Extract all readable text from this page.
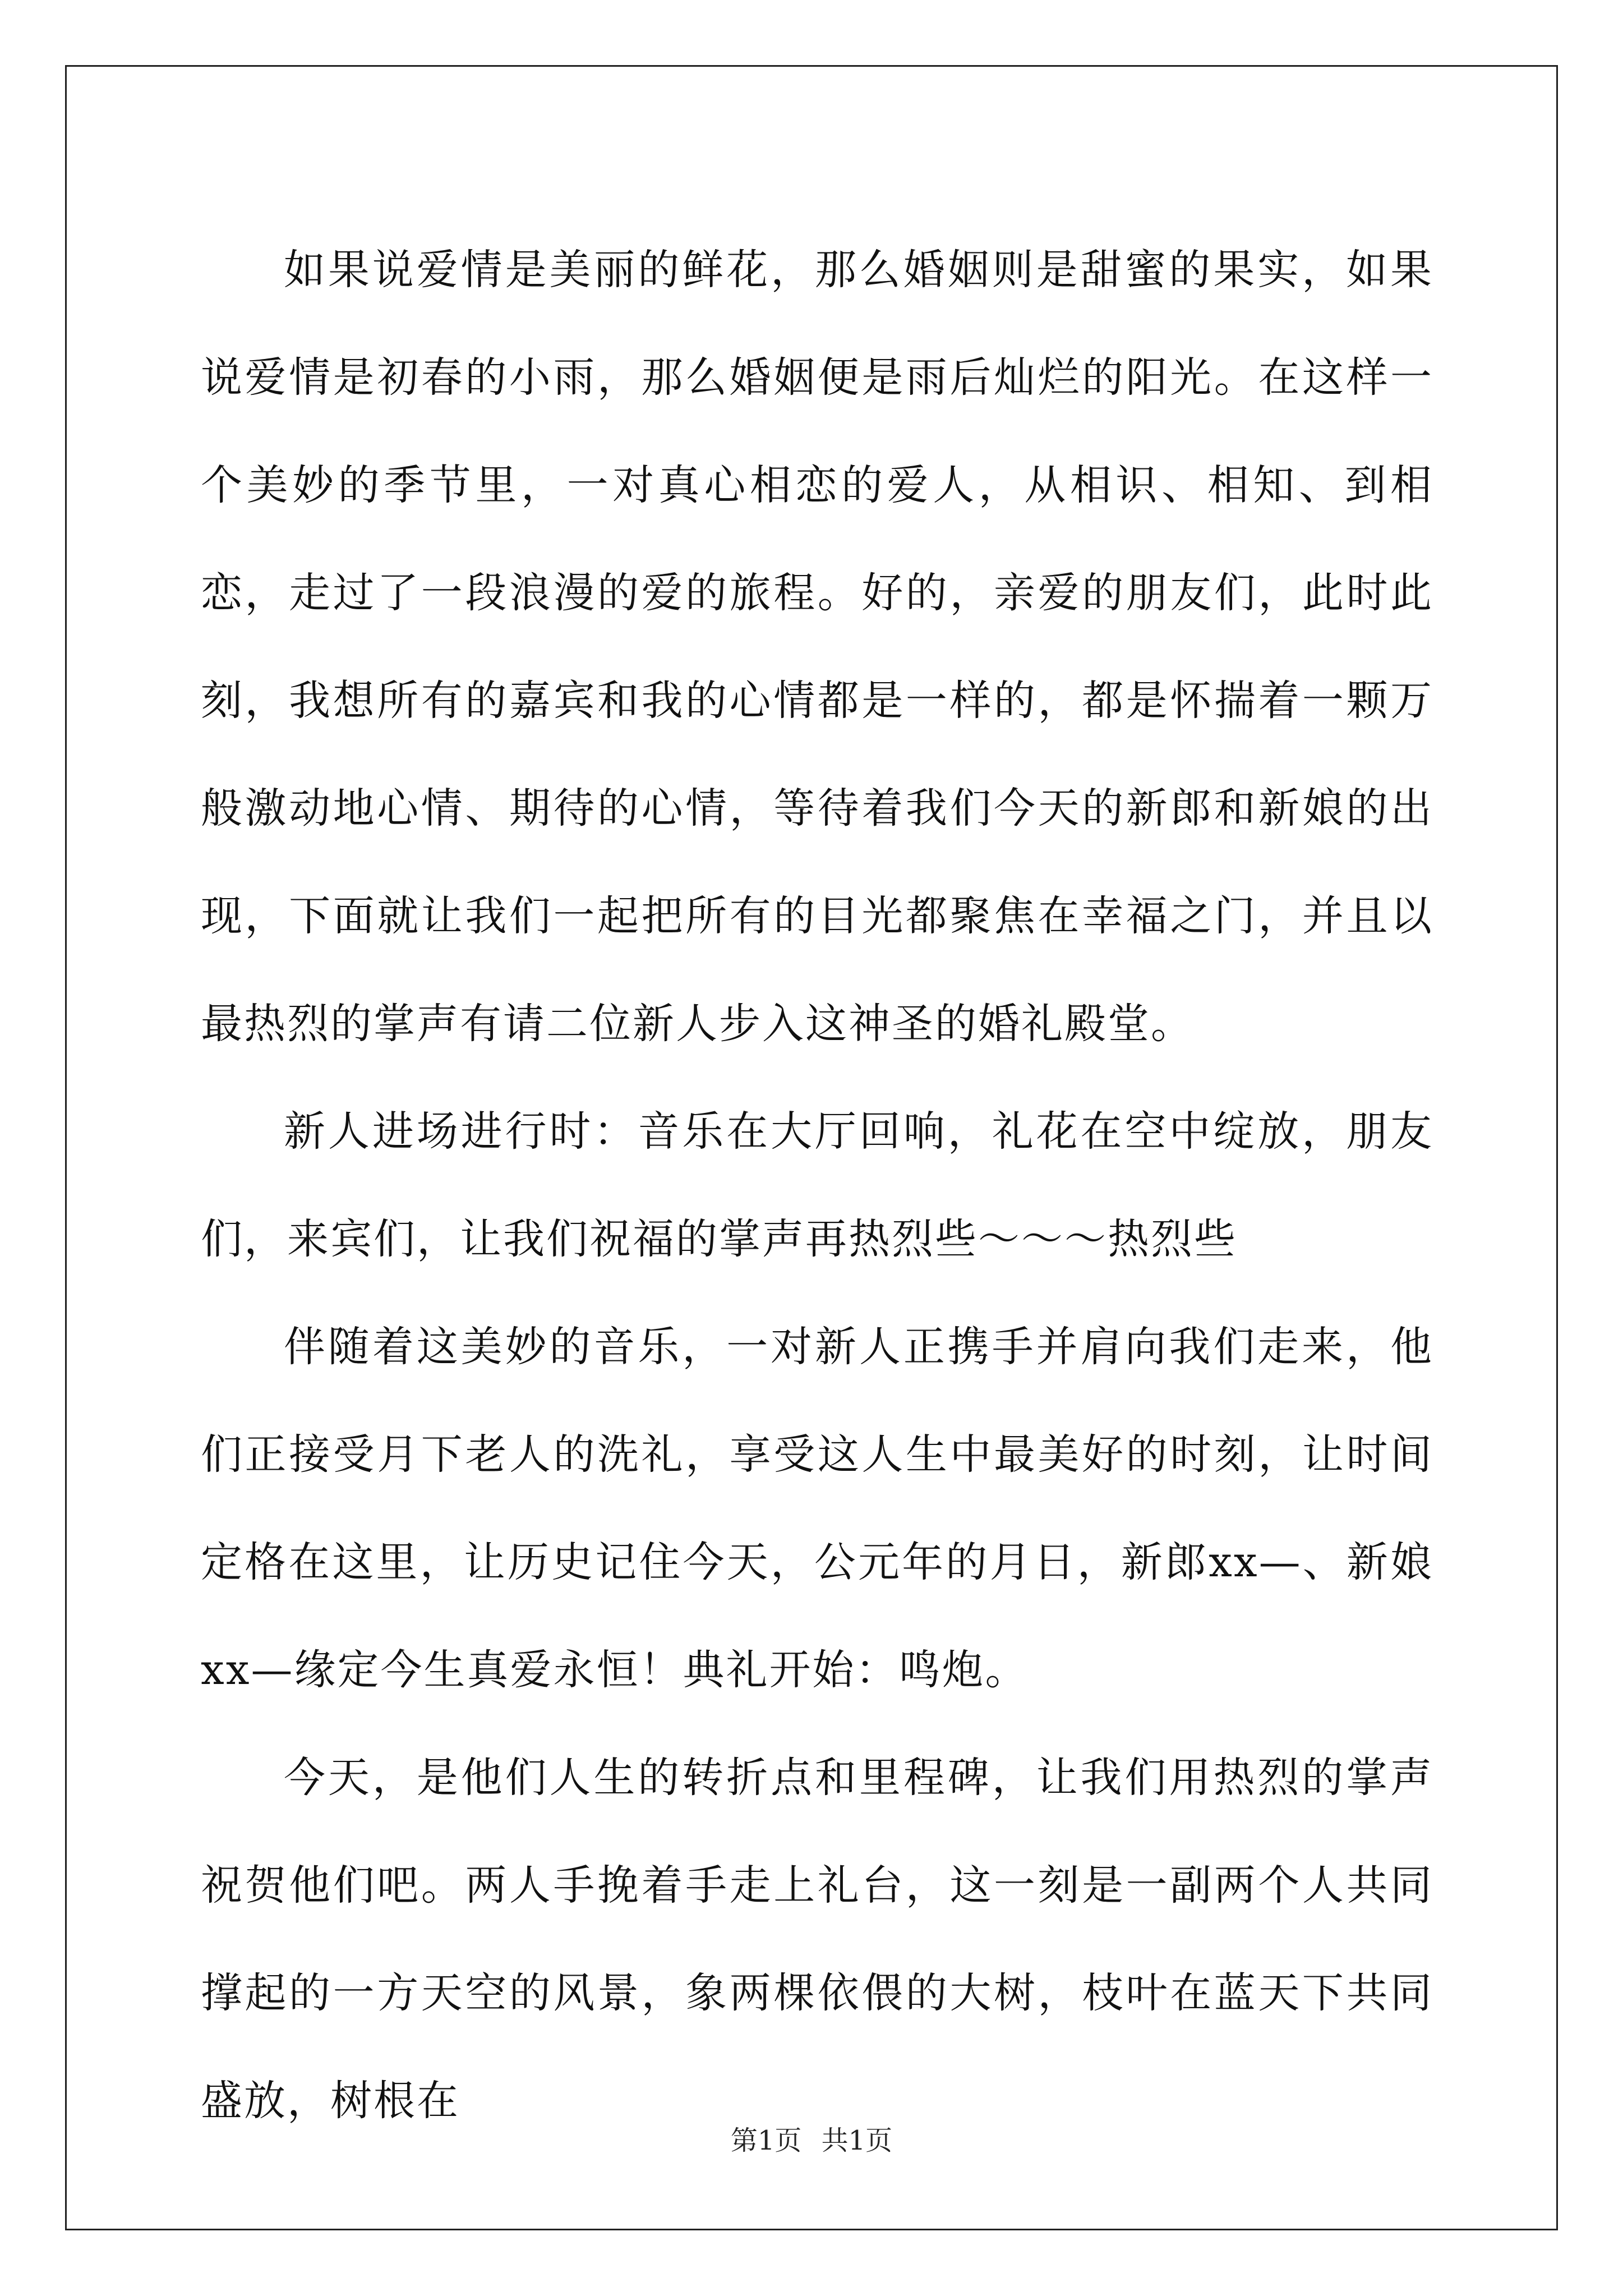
如果说爱情是美丽的鲜花，那么婚姻则是甜蜜的果实，如果说爱情是初春的小雨，那么婚姻便是雨后灿烂的阳光。在这样一个美妙的季节里，一对真心相恋的爱人，从相识、相知、到相恋，走过了一段浪漫的爱的旅程。好的，亲爱的朋友们，此时此刻，我想所有的嘉宾和我的心情都是一样的，都是怀揣着一颗万般激动地心情、期待的心情，等待着我们今天的新郎和新娘的出现，下面就让我们一起把所有的目光都聚焦在幸福之门，并且以最热烈的掌声有请二位新人步入这神圣的婚礼殿堂。

新人进场进行时：音乐在大厅回响，礼花在空中绽放，朋友们，来宾们，让我们祝福的掌声再热烈些～～～热烈些

伴随着这美妙的音乐，一对新人正携手并肩向我们走来，他们正接受月下老人的洗礼，享受这人生中最美好的时刻，让时间定格在这里，让历史记住今天，公元年的月日，新郎xx—、新娘xx—缘定今生真爱永恒！典礼开始：鸣炮。

今天，是他们人生的转折点和里程碑，让我们用热烈的掌声祝贺他们吧。两人手挽着手走上礼台，这一刻是一副两个人共同撑起的一方天空的风景，象两棵依偎的大树，枝叶在蓝天下共同盛放，树根在

第1页 共1页
